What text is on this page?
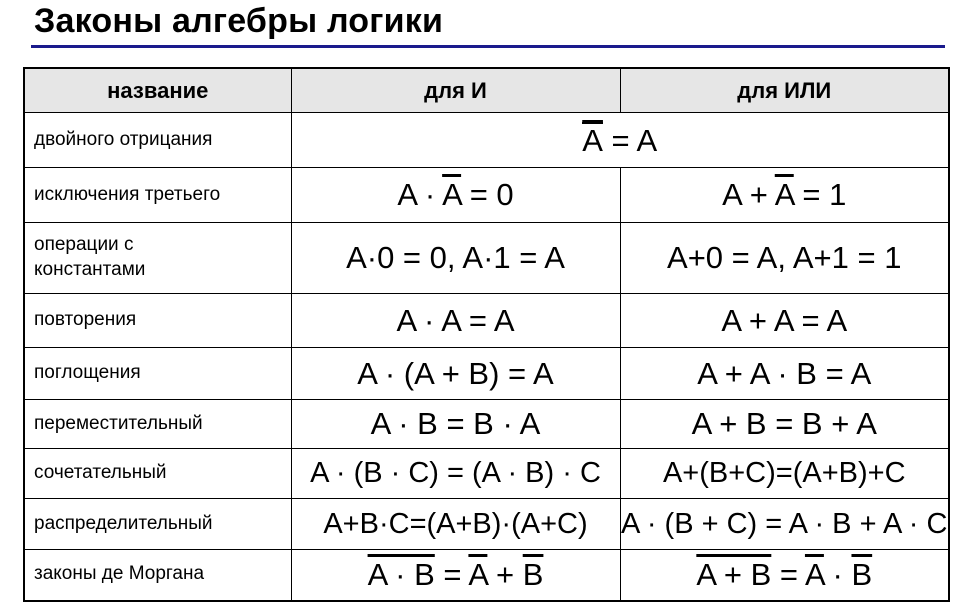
Законы алгебры логики
название	для И	для ИЛИ
двойного отрицания	$\overline{A} = A$	
исключения третьего	$A \cdot \overline{A} = 0$	$A + \overline{A} = 1$
операции с
константами	A·0 = 0, A·1 = A	A+0 = A, A+1 = 1
повторения	A · A = A	A + A = A
поглощения	A · (A + B) = A	A + A · B = A
переместительный	A · B = B · A	A + B = B + A
сочетательный	A · (B · C) = (A · B) · C	A+(B+C)=(A+B)+C
распределительный	A+B·C=(A+B)·(A+C)	A · (B + C) = A · B + A · C
законы де Моргана	$A \cdot B = \overline{A} + \overline{B}$	$A + B = \overline{A} \cdot \overline{B}$
